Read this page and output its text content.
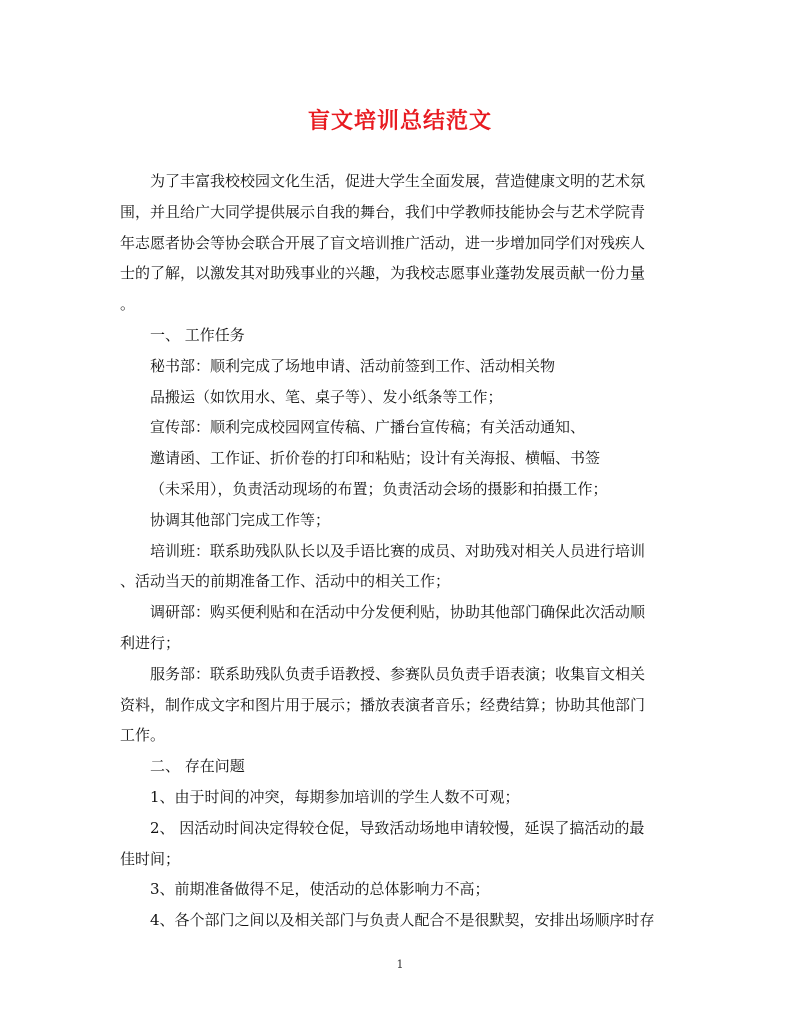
盲文培训总结范文
为了丰富我校校园文化生活，促进大学生全面发展，营造健康文明的艺术氛
围，并且给广大同学提供展示自我的舞台，我们中学教师技能协会与艺术学院青
年志愿者协会等协会联合开展了盲文培训推广活动，进一步增加同学们对残疾人
士的了解，以激发其对助残事业的兴趣，为我校志愿事业蓬勃发展贡献一份力量
。
一、 工作任务
秘书部：顺利完成了场地申请、活动前签到工作、活动相关物
品搬运（如饮用水、笔、桌子等）、发小纸条等工作；
宣传部：顺利完成校园网宣传稿、广播台宣传稿；有关活动通知、
邀请函、工作证、折价卷的打印和粘贴；设计有关海报、横幅、书签
（未采用），负责活动现场的布置；负责活动会场的摄影和拍摄工作；
协调其他部门完成工作等；
培训班：联系助残队队长以及手语比赛的成员、对助残对相关人员进行培训
、活动当天的前期准备工作、活动中的相关工作；
调研部：购买便利贴和在活动中分发便利贴，协助其他部门确保此次活动顺
利进行；
服务部：联系助残队负责手语教授、参赛队员负责手语表演；收集盲文相关
资料，制作成文字和图片用于展示；播放表演者音乐；经费结算；协助其他部门
工作。
二、 存在问题
1、由于时间的冲突，每期参加培训的学生人数不可观；
2、 因活动时间决定得较仓促，导致活动场地申请较慢，延误了搞活动的最
佳时间；
3、前期准备做得不足，使活动的总体影响力不高；
4、各个部门之间以及相关部门与负责人配合不是很默契，安排出场顺序时存
1
